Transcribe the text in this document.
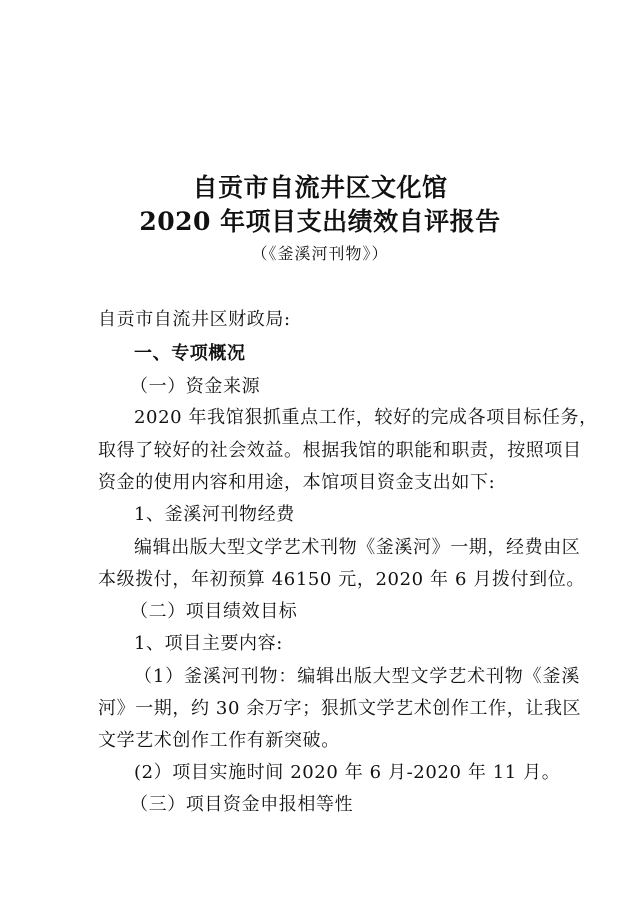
自贡市自流井区文化馆
2020 年项目支出绩效自评报告
（《釜溪河刊物》）
自贡市自流井区财政局:
一、专项概况
（一）资金来源
2020 年我馆狠抓重点工作，较好的完成各项目标任务，
取得了较好的社会效益。根据我馆的职能和职责，按照项目
资金的使用内容和用途，本馆项目资金支出如下:
1、釜溪河刊物经费
编辑出版大型文学艺术刊物《釜溪河》一期，经费由区
本级拨付，年初预算 46150 元，2020 年 6 月拨付到位。
（二）项目绩效目标
1、项目主要内容:
（1）釜溪河刊物：编辑出版大型文学艺术刊物《釜溪
河》一期，约 30 余万字；狠抓文学艺术创作工作，让我区
文学艺术创作工作有新突破。
(2）项目实施时间 2020 年 6 月-2020 年 11 月。
（三）项目资金申报相等性
